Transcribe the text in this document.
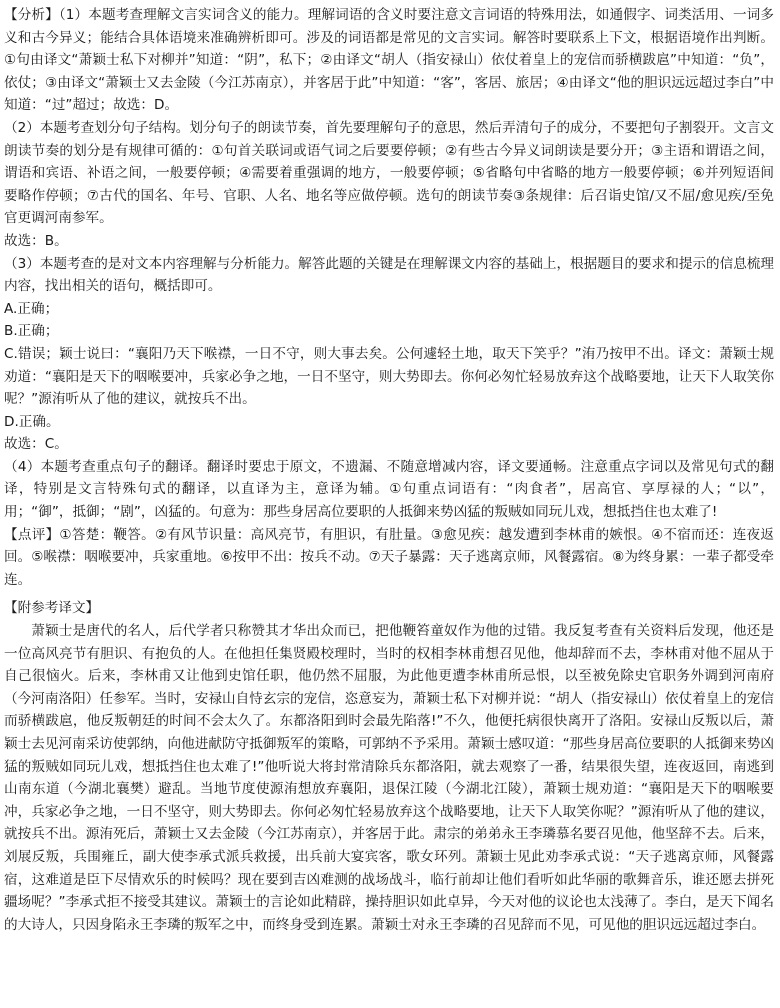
【分析】（1）本题考查理解文言实词含义的能力。理解词语的含义时要注意文言词语的特殊用法，如通假字、词类活用、一词多义和古今异义；能结合具体语境来准确辨析即可。涉及的词语都是常见的文言实词。解答时要联系上下文，根据语境作出判断。①句由译文“萧颖士私下对柳并”知道：“阴”，私下；②由译文“胡人（指安禄山）依仗着皇上的宠信而骄横跋扈”中知道：“负”，依仗；③由译文“萧颖士又去金陵（今江苏南京），并客居于此”中知道：“客”，客居、旅居；④由译文“他的胆识远远超过李白”中知道：“过”超过；故选：D。

（2）本题考查划分句子结构。划分句子的朗读节奏，首先要理解句子的意思，然后弄清句子的成分，不要把句子割裂开。文言文朗读节奏的划分是有规律可循的：①句首关联词或语气词之后要要停顿；②有些古今异义词朗读是要分开；③主语和谓语之间，谓语和宾语、补语之间，一般要停顿；④需要着重强调的地方，一般要停顿；⑤省略句中省略的地方一般要停顿；⑥并列短语间要略作停顿；⑦古代的国名、年号、官职、人名、地名等应做停顿。选句的朗读节奏③条规律：后召诣史馆/又不屈/愈见疾/至免官更调河南参军。

故选：B。

（3）本题考查的是对文本内容理解与分析能力。解答此题的关键是在理解课文内容的基础上，根据题目的要求和提示的信息梳理内容，找出相关的语句，概括即可。

A.正确；

B.正确；

C.错误；颖士说曰：“襄阳乃天下喉襟，一日不守，则大事去矣。公何遽轻土地，取天下笑乎？”洧乃按甲不出。译文：萧颖士规劝道：“襄阳是天下的咽喉要冲，兵家必争之地，一日不坚守，则大势即去。你何必匆忙轻易放弃这个战略要地，让天下人取笑你呢？”源洧听从了他的建议，就按兵不出。

D.正确。

故选：C。

（4）本题考查重点句子的翻译。翻译时要忠于原文，不遗漏、不随意增减内容，译文要通畅。注意重点字词以及常见句式的翻译，特别是文言特殊句式的翻译，以直译为主，意译为辅。①句重点词语有：“肉食者”，居高官、享厚禄的人；“以”，用；“御”，抵御；“剧”，凶猛的。句意为：那些身居高位要职的人抵御来势凶猛的叛贼如同玩儿戏，想抵挡住也太难了!

【点评】①答楚：鞭答。②有风节识量：高风亮节，有胆识，有肚量。③愈见疾：越发遭到李林甫的嫉恨。④不宿而还：连夜返回。⑤喉襟：咽喉要冲，兵家重地。⑥按甲不出：按兵不动。⑦天子暴露：天子逃离京师，风餐露宿。⑧为终身累：一辈子都受牵连。

【附参考译文】

萧颖士是唐代的名人，后代学者只称赞其才华出众而已，把他鞭笞童奴作为他的过错。我反复考查有关资料后发现，他还是一位高风亮节有胆识、有抱负的人。在他担任集贤殿校理时，当时的权相李林甫想召见他，他却辞而不去，李林甫对他不屈从于自己很恼火。后来，李林甫又让他到史馆任职，他仍然不屈服，为此他更遭李林甫所忌恨，以至被免除史官职务外调到河南府（今河南洛阳）任参军。当时，安禄山自恃玄宗的宠信，恣意妄为，萧颖士私下对柳并说：“胡人（指安禄山）依仗着皇上的宠信而骄横跋扈，他反叛朝廷的时间不会太久了。东都洛阳到时会最先陷落!”不久，他便托病很快离开了洛阳。安禄山反叛以后，萧颖士去见河南采访使郭纳，向他进献防守抵御叛军的策略，可郭纳不予采用。萧颖士感叹道：“那些身居高位要职的人抵御来势凶猛的叛贼如同玩儿戏，想抵挡住也太难了!”他听说大将封常清除兵东都洛阳，就去观察了一番，结果很失望，连夜返回，南逃到山南东道（今湖北襄樊）避乱。当地节度使源洧想放弃襄阳，退保江陵（今湖北江陵），萧颖士规劝道：“襄阳是天下的咽喉要冲，兵家必争之地，一日不坚守，则大势即去。你何必匆忙轻易放弃这个战略要地，让天下人取笑你呢？”源洧听从了他的建议，就按兵不出。源洧死后，萧颖士又去金陵（今江苏南京），并客居于此。肃宗的弟弟永王李璘慕名要召见他，他坚辞不去。后来，刘展反叛，兵围雍丘，副大使李承式派兵救援，出兵前大宴宾客，歌女环列。萧颖士见此劝李承式说：“天子逃离京师，风餐露宿，这难道是臣下尽情欢乐的时候吗？现在要到吉凶难测的战场战斗，临行前却让他们看听如此华丽的歌舞音乐，谁还愿去拼死疆场呢？”李承式拒不接受其建议。萧颖士的言论如此精辟，操持胆识如此卓异，今天对他的议论也太浅薄了。李白，是天下闻名的大诗人，只因身陷永王李璘的叛军之中，而终身受到连累。萧颖士对永王李璘的召见辞而不见，可见他的胆识远远超过李白。
